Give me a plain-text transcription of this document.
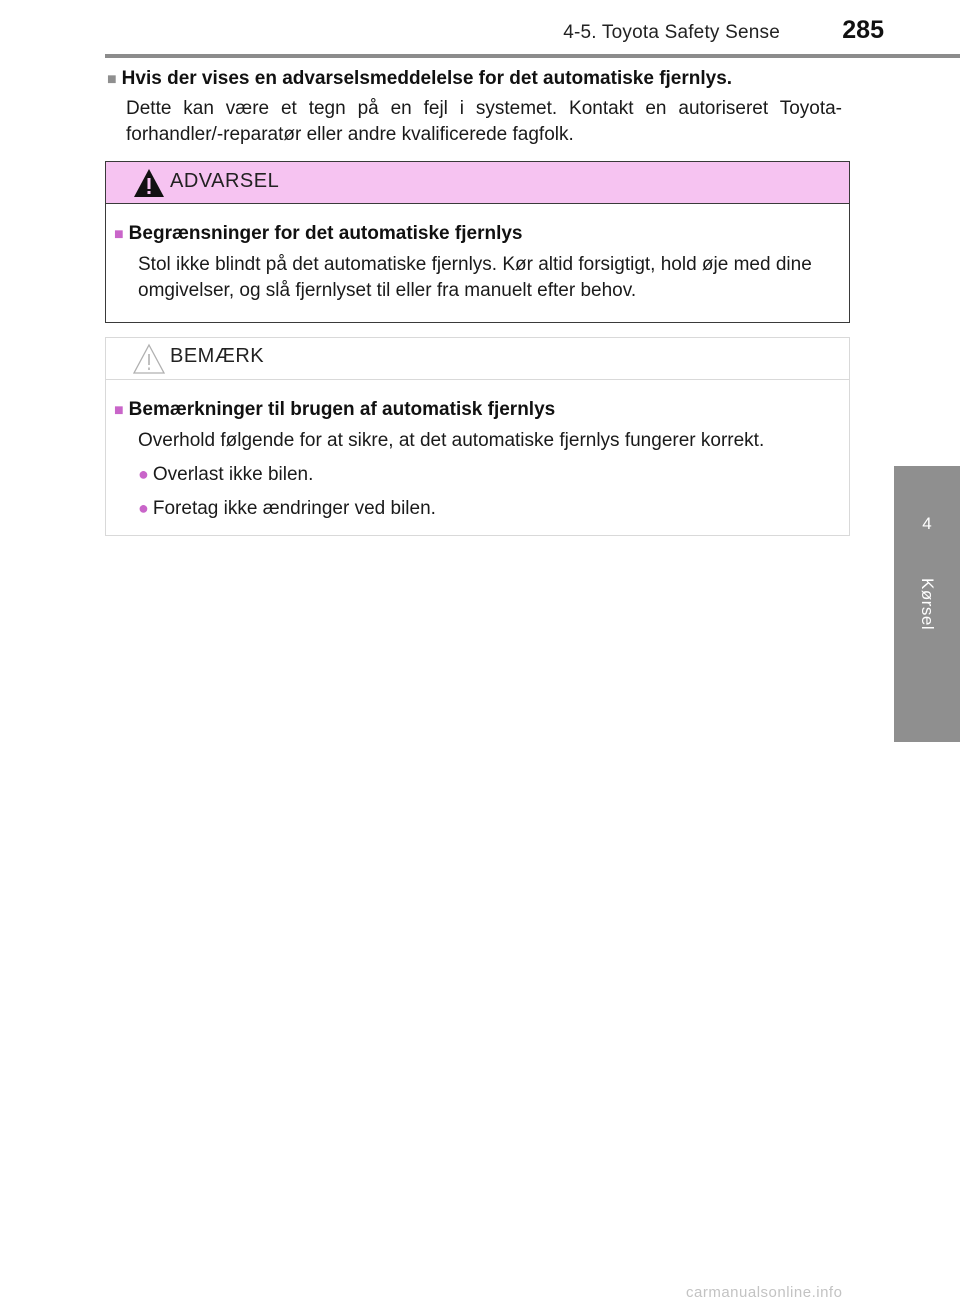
4-5. Toyota Safety Sense 285
4
Kørsel
■ Hvis der vises en advarselsmeddelelse for det automatiske fjernlys.
Dette kan være et tegn på en fejl i systemet. Kontakt en autoriseret Toyota-forhandler/-reparatør eller andre kvalificerede fagfolk.
ADVARSEL
■ Begrænsninger for det automatiske fjernlys
Stol ikke blindt på det automatiske fjernlys. Kør altid forsigtigt, hold øje med dine omgivelser, og slå fjernlyset til eller fra manuelt efter behov.
BEMÆRK
■ Bemærkninger til brugen af automatisk fjernlys
Overhold følgende for at sikre, at det automatiske fjernlys fungerer korrekt.
● Overlast ikke bilen.
● Foretag ikke ændringer ved bilen.
carmanualsonline.info
